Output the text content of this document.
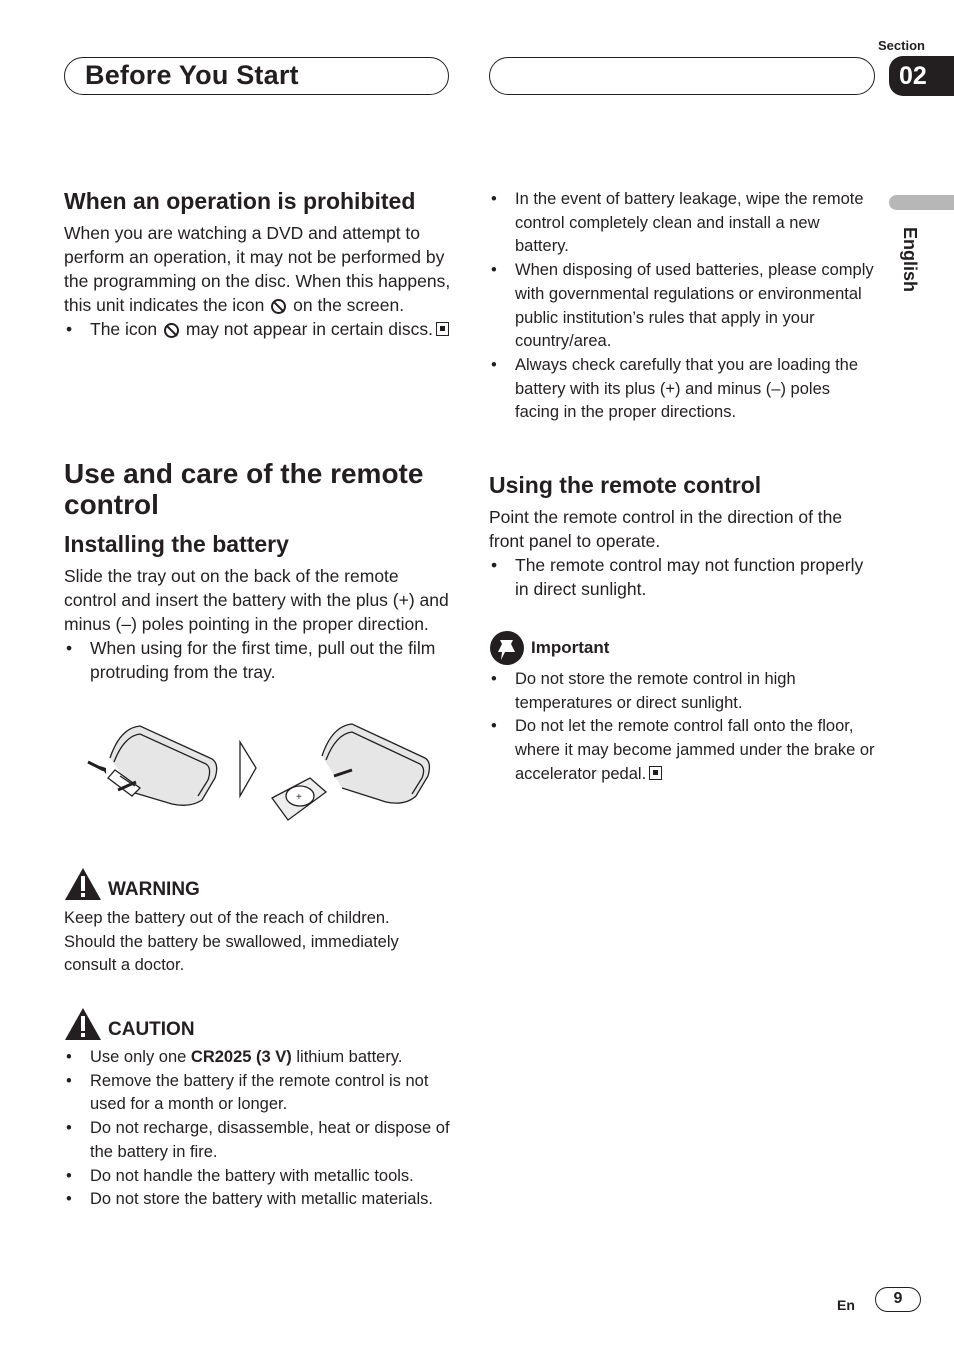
Section
Before You Start	02
English
When an operation is prohibited
When you are watching a DVD and attempt to perform an operation, it may not be performed by the programming on the disc. When this happens, this unit indicates the icon on the screen.
• The icon may not appear in certain discs.
Use and care of the remote control
Installing the battery
Slide the tray out on the back of the remote control and insert the battery with the plus (+) and minus (–) poles pointing in the proper direction.
• When using for the first time, pull out the film protruding from the tray.
+
WARNING
Keep the battery out of the reach of children. Should the battery be swallowed, immediately consult a doctor.
CAUTION
• Use only one CR2025 (3 V) lithium battery.
• Remove the battery if the remote control is not used for a month or longer.
• Do not recharge, disassemble, heat or dispose of the battery in fire.
• Do not handle the battery with metallic tools.
• Do not store the battery with metallic materials.
• In the event of battery leakage, wipe the remote control completely clean and install a new battery.
• When disposing of used batteries, please comply with governmental regulations or environmental public institution’s rules that apply in your country/area.
• Always check carefully that you are loading the battery with its plus (+) and minus (–) poles facing in the proper directions.
Using the remote control
Point the remote control in the direction of the front panel to operate.
• The remote control may not function properly in direct sunlight.
Important
• Do not store the remote control in high temperatures or direct sunlight.
• Do not let the remote control fall onto the floor, where it may become jammed under the brake or accelerator pedal.
En	9
